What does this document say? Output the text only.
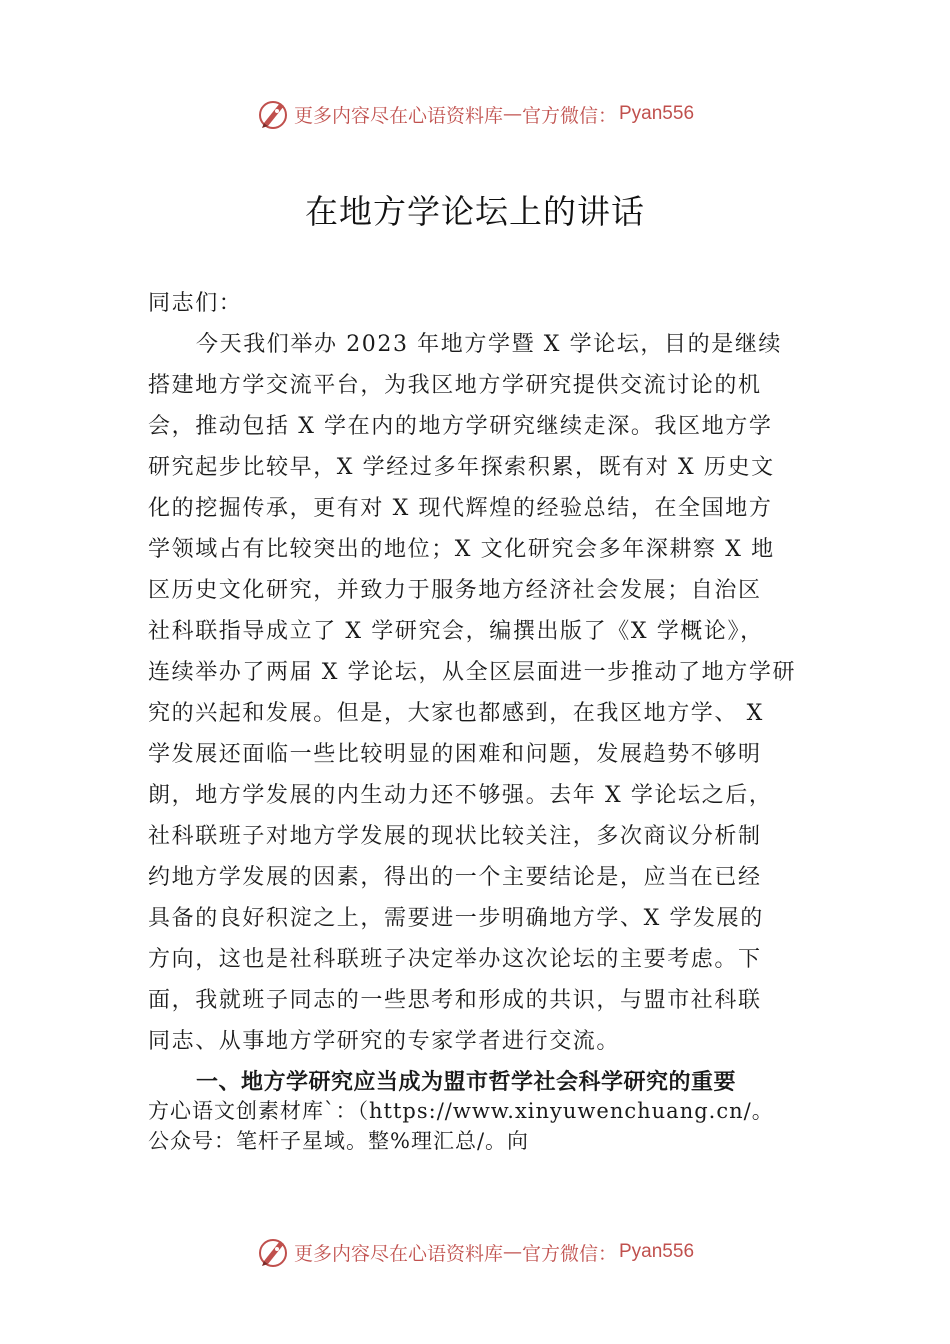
更多内容尽在心语资料库 — 官方微信： Pyan556
在地方学论坛上的讲话
同志们：
今天我们举办 2023 年地方学暨 X 学论坛，目的是继续
搭建地方学交流平台，为我区地方学研究提供交流讨论的机
会，推动包括 X 学在内的地方学研究继续走深。我区地方学
研究起步比较早，X 学经过多年探索积累，既有对 X 历史文
化的挖掘传承，更有对 X 现代辉煌的经验总结，在全国地方
学领域占有比较突出的地位；X 文化研究会多年深耕察 X 地
区历史文化研究，并致力于服务地方经济社会发展；自治区
社科联指导成立了 X 学研究会，编撰出版了《X 学概论》，
连续举办了两届 X 学论坛，从全区层面进一步推动了地方学研
究的兴起和发展。但是，大家也都感到，在我区地方学、 X
学发展还面临一些比较明显的困难和问题，发展趋势不够明
朗，地方学发展的内生动力还不够强。去年 X 学论坛之后，
社科联班子对地方学发展的现状比较关注，多次商议分析制
约地方学发展的因素，得出的一个主要结论是，应当在已经
具备的良好积淀之上，需要进一步明确地方学、X 学发展的
方向，这也是社科联班子决定举办这次论坛的主要考虑。下
面，我就班子同志的一些思考和形成的共识，与盟市社科联
同志、从事地方学研究的专家学者进行交流。
一、地方学研究应当成为盟市哲学社会科学研究的重要
方心语文创素材库`：（https://www.xinyuwenchuang.cn/。
公众号：笔杆子星域。整%理汇总/。向
更多内容尽在心语资料库 — 官方微信： Pyan556
